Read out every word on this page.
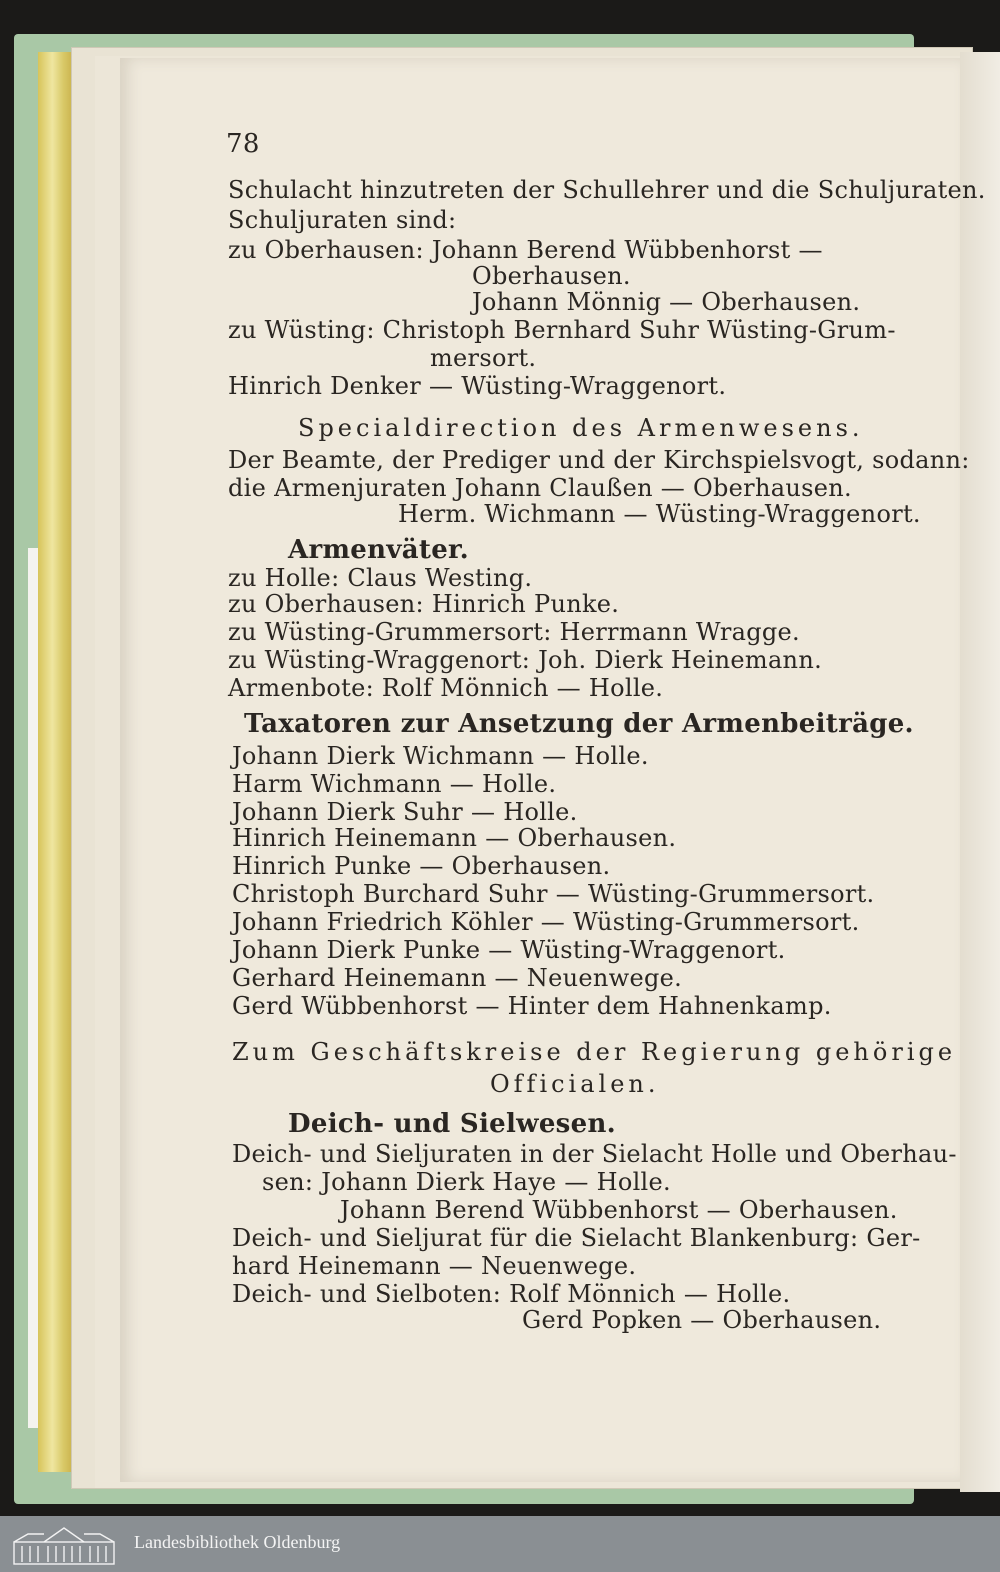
78
Schulacht hinzutreten der Schullehrer und die Schuljuraten.
Schuljuraten sind:
zu Oberhausen: Johann Berend Wübbenhorst —
Oberhausen.
Johann Mönnig — Oberhausen.
zu Wüsting: Christoph Bernhard Suhr Wüsting-Grum-
mersort.
Hinrich Denker — Wüsting-Wraggenort.
Specialdirection des Armenwesens.
Der Beamte, der Prediger und der Kirchspielsvogt, sodann:
die Armenjuraten Johann Claußen — Oberhausen.
Herm. Wichmann — Wüsting-Wraggenort.
Armenväter.
zu Holle: Claus Westing.
zu Oberhausen: Hinrich Punke.
zu Wüsting-Grummersort: Herrmann Wragge.
zu Wüsting-Wraggenort: Joh. Dierk Heinemann.
Armenbote: Rolf Mönnich — Holle.
Taxatoren zur Ansetzung der Armenbeiträge.
Johann Dierk Wichmann — Holle.
Harm Wichmann — Holle.
Johann Dierk Suhr — Holle.
Hinrich Heinemann — Oberhausen.
Hinrich Punke — Oberhausen.
Christoph Burchard Suhr — Wüsting-Grummersort.
Johann Friedrich Köhler — Wüsting-Grummersort.
Johann Dierk Punke — Wüsting-Wraggenort.
Gerhard Heinemann — Neuenwege.
Gerd Wübbenhorst — Hinter dem Hahnenkamp.
Zum Geschäftskreise der Regierung gehörige
Officialen.
Deich- und Sielwesen.
Deich- und Sieljuraten in der Sielacht Holle und Oberhau-
sen: Johann Dierk Haye — Holle.
Johann Berend Wübbenhorst — Oberhausen.
Deich- und Sieljurat für die Sielacht Blankenburg: Ger-
hard Heinemann — Neuenwege.
Deich- und Sielboten: Rolf Mönnich — Holle.
Gerd Popken — Oberhausen.
Landesbibliothek Oldenburg
